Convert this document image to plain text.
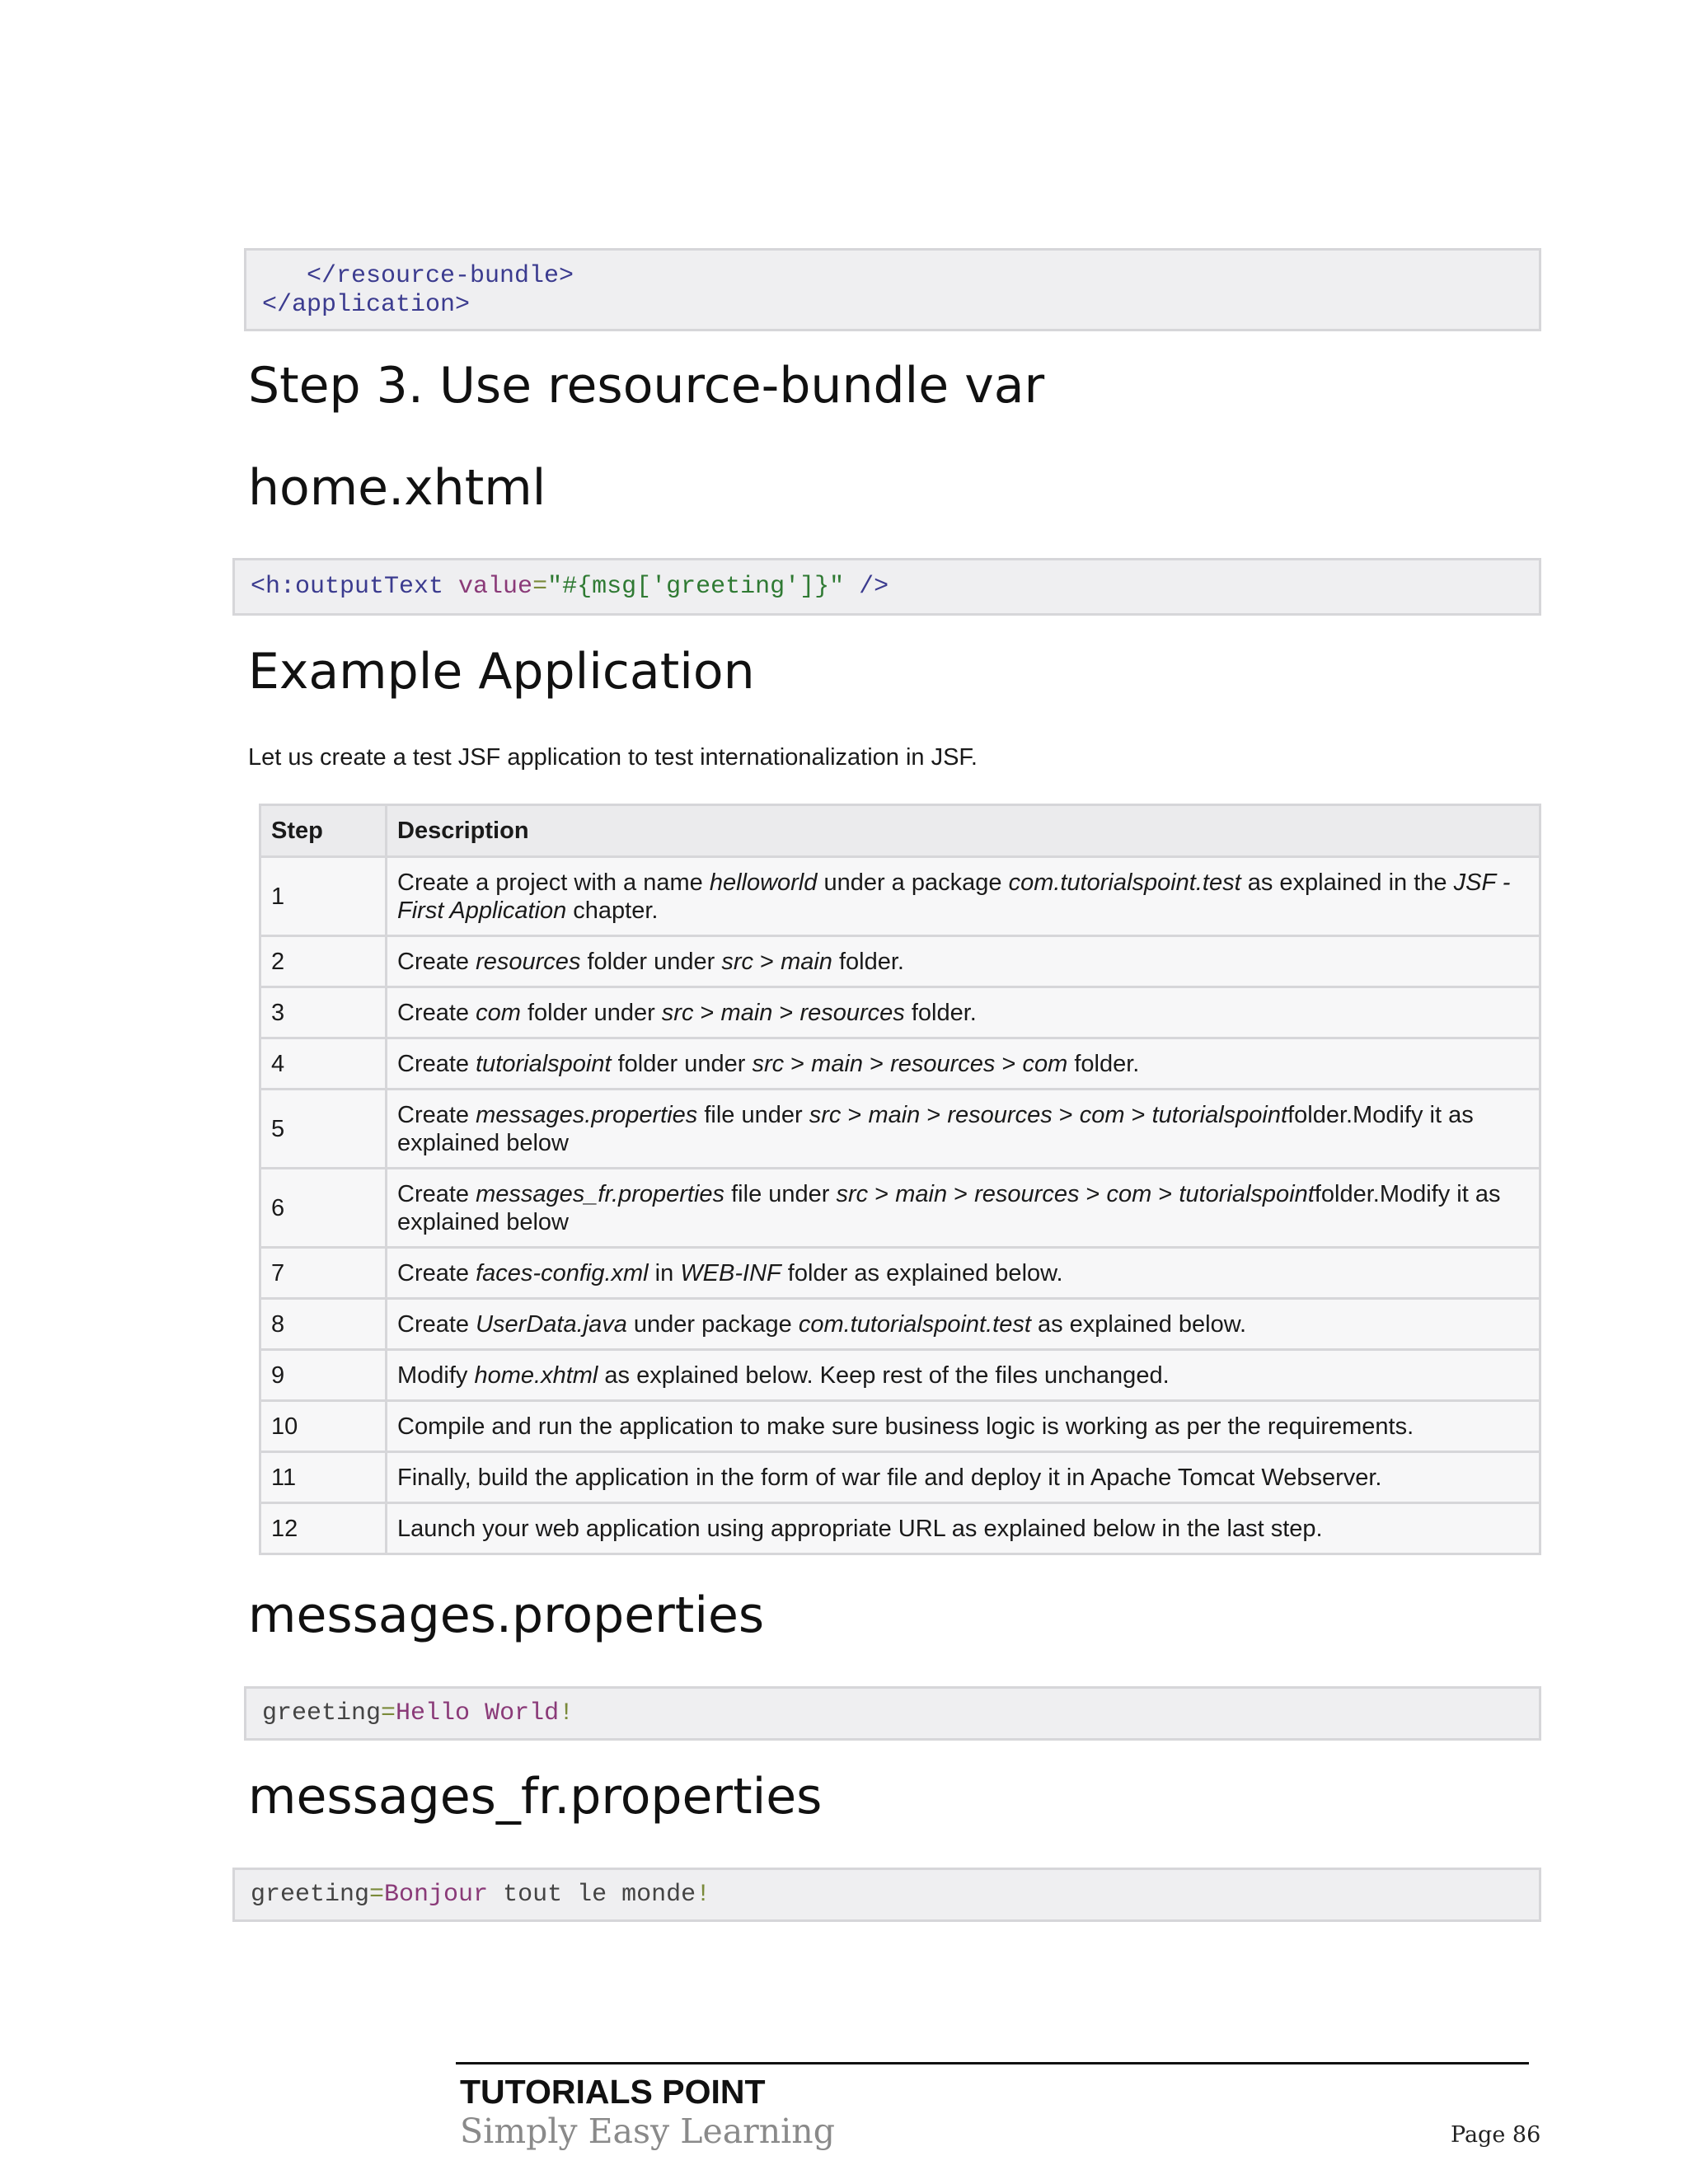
</resource-bundle>
</application>
Step 3. Use resource-bundle var
home.xhtml
<h:outputText value="#{msg['greeting']}" />
Example Application
Let us create a test JSF application to test internationalization in JSF.
Step	Description
1	Create a project with a name helloworld under a package com.tutorialspoint.test as explained in the JSF - First Application chapter.
2	Create resources folder under src > main folder.
3	Create com folder under src > main > resources folder.
4	Create tutorialspoint folder under src > main > resources > com folder.
5	Create messages.properties file under src > main > resources > com > tutorialspointfolder.Modify it as explained below
6	Create messages_fr.properties file under src > main > resources > com > tutorialspointfolder.Modify it as explained below
7	Create faces-config.xml in WEB-INF folder as explained below.
8	Create UserData.java under package com.tutorialspoint.test as explained below.
9	Modify home.xhtml as explained below. Keep rest of the files unchanged.
10	Compile and run the application to make sure business logic is working as per the requirements.
11	Finally, build the application in the form of war file and deploy it in Apache Tomcat Webserver.
12	Launch your web application using appropriate URL as explained below in the last step.
messages.properties
greeting=Hello World!
messages_fr.properties
greeting=Bonjour tout le monde!
TUTORIALS POINT
Simply Easy Learning	Page 86
